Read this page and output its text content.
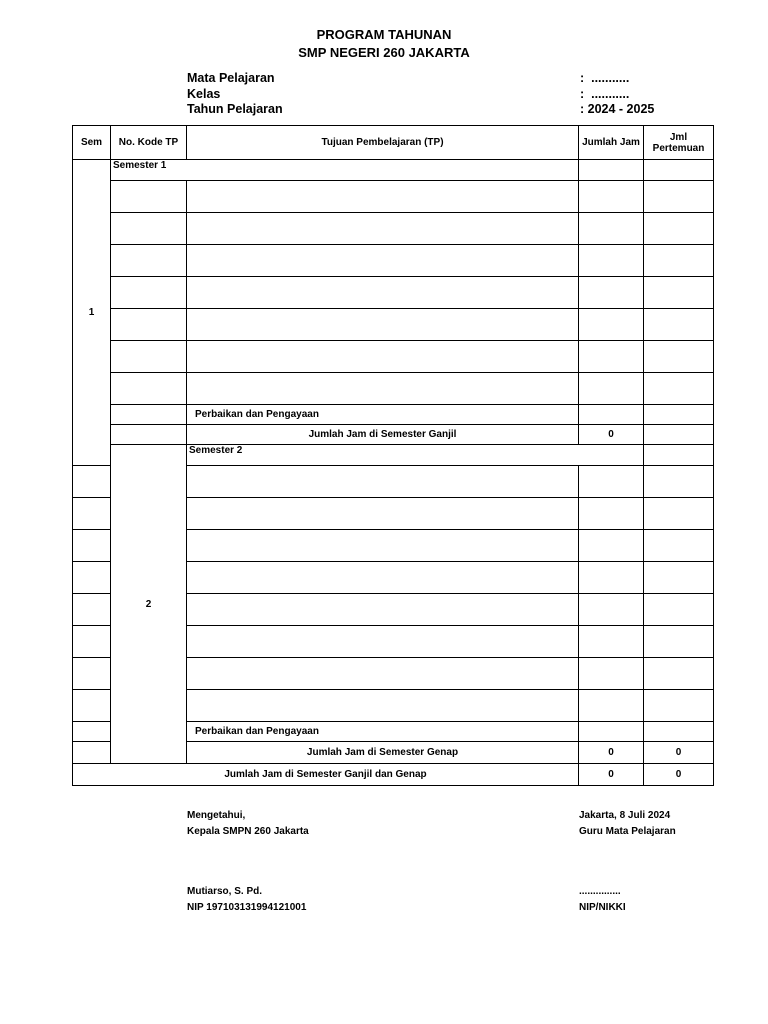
PROGRAM TAHUNAN
SMP NEGERI 260 JAKARTA
Mata Pelajaran	:  ...........
Kelas	:  ...........
Tahun Pelajaran	: 2024 - 2025
Sem	No. Kode TP	Tujuan Pembelajaran (TP)	Jumlah Jam	Jml
Pertemuan	

1	Semester 1				

		Perbaikan dan Pengayaan			
		Jumlah Jam di Semester Ganjil	0		
	2	Semester 2			

		Perbaikan dan Pengayaan			
		Jumlah Jam di Semester Genap	0	0	
Jumlah Jam di Semester Ganjil dan Genap			0	0	
Mengetahui,
Kepala SMPN 260 Jakarta
Mutiarso, S. Pd.
NIP 197103131994121001
Jakarta, 8 Juli 2024
Guru Mata Pelajaran
...............
NIP/NIKKI
